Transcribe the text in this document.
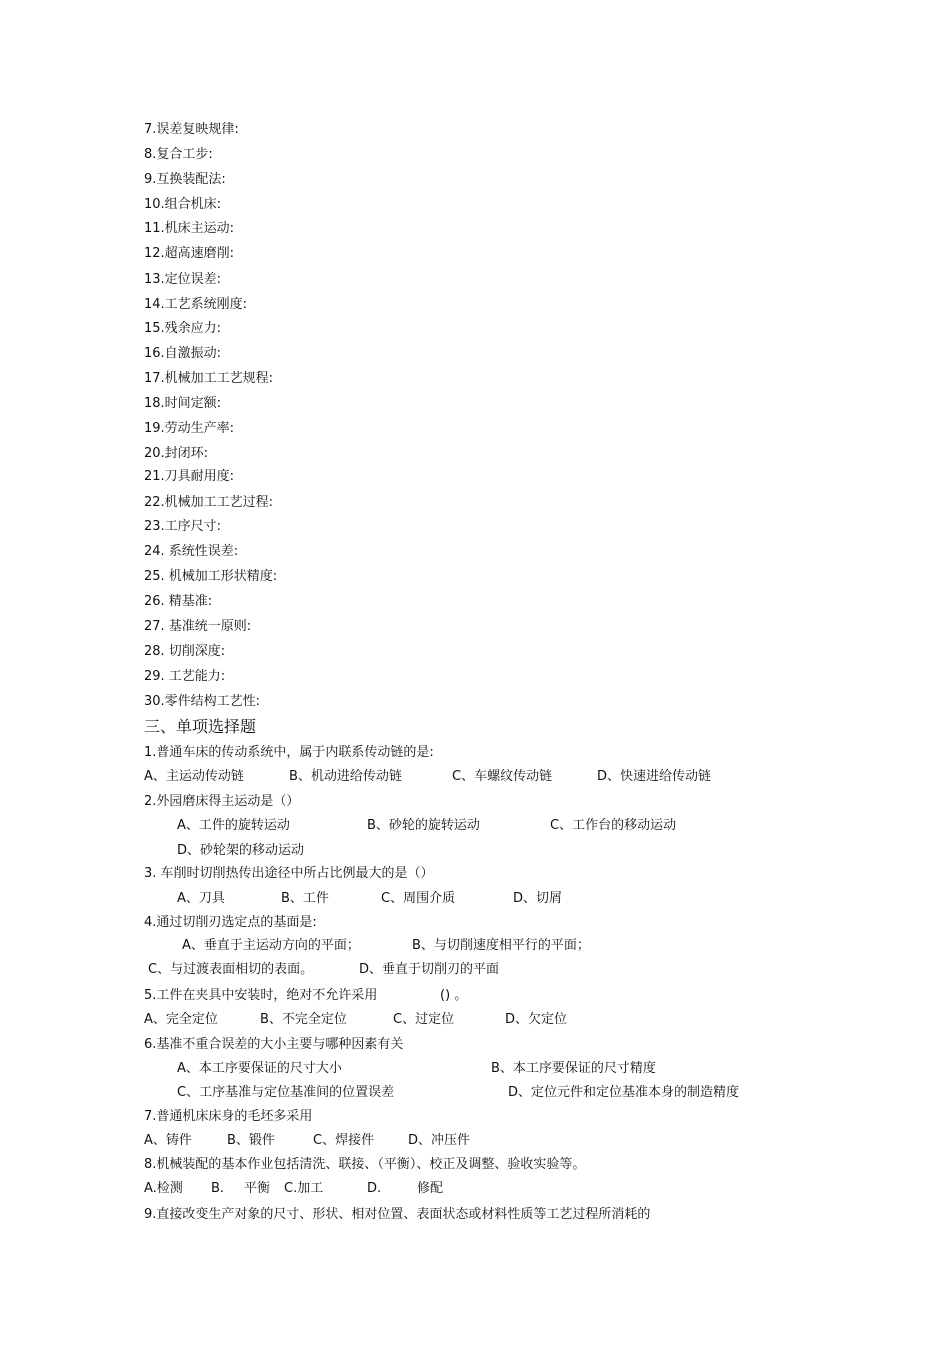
7.误差复映规律:
8.复合工步:
9.互换装配法:
10.组合机床:
11.机床主运动:
12.超高速磨削:
13.定位误差:
14.工艺系统刚度:
15.残余应力:
16.自激振动:
17.机械加工工艺规程:
18.时间定额:
19.劳动生产率:
20.封闭环:
21.刀具耐用度:
22.机械加工工艺过程:
23.工序尺寸:
24. 系统性误差:
25. 机械加工形状精度:
26. 精基准:
27. 基准统一原则:
28. 切削深度:
29. 工艺能力:
30.零件结构工艺性:
三、单项选择题
1.普通车床的传动系统中，属于内联系传动链的是:
A、主运动传动链	B、机动进给传动链	C、车螺纹传动链	D、快速进给传动链
2.外园磨床得主运动是（）
A、工件的旋转运动	B、砂轮的旋转运动	C、工作台的移动运动
D、砂轮架的移动运动
3. 车削时切削热传出途径中所占比例最大的是（）
A、刀具	B、工件	C、周围介质	D、切屑
4.通过切削刃选定点的基面是:
A、垂直于主运动方向的平面；	B、与切削速度相平行的平面；
C、与过渡表面相切的表面。	D、垂直于切削刃的平面
5.工件在夹具中安装时，绝对不允许采用	() 。
A、完全定位	B、不完全定位	C、过定位	D、欠定位
6.基准不重合误差的大小主要与哪种因素有关
A、本工序要保证的尺寸大小	B、本工序要保证的尺寸精度
C、工序基准与定位基准间的位置误差	D、定位元件和定位基准本身的制造精度
7.普通机床床身的毛坯多采用
A、铸件	B、锻件	C、焊接件	D、冲压件
8.机械装配的基本作业包括清洗、联接、（平衡）、校正及调整、验收实验等。
A.检测 B. 平衡 C.加工	D.	修配
9.直接改变生产对象的尺寸、形状、相对位置、表面状态或材料性质等工艺过程所消耗的
